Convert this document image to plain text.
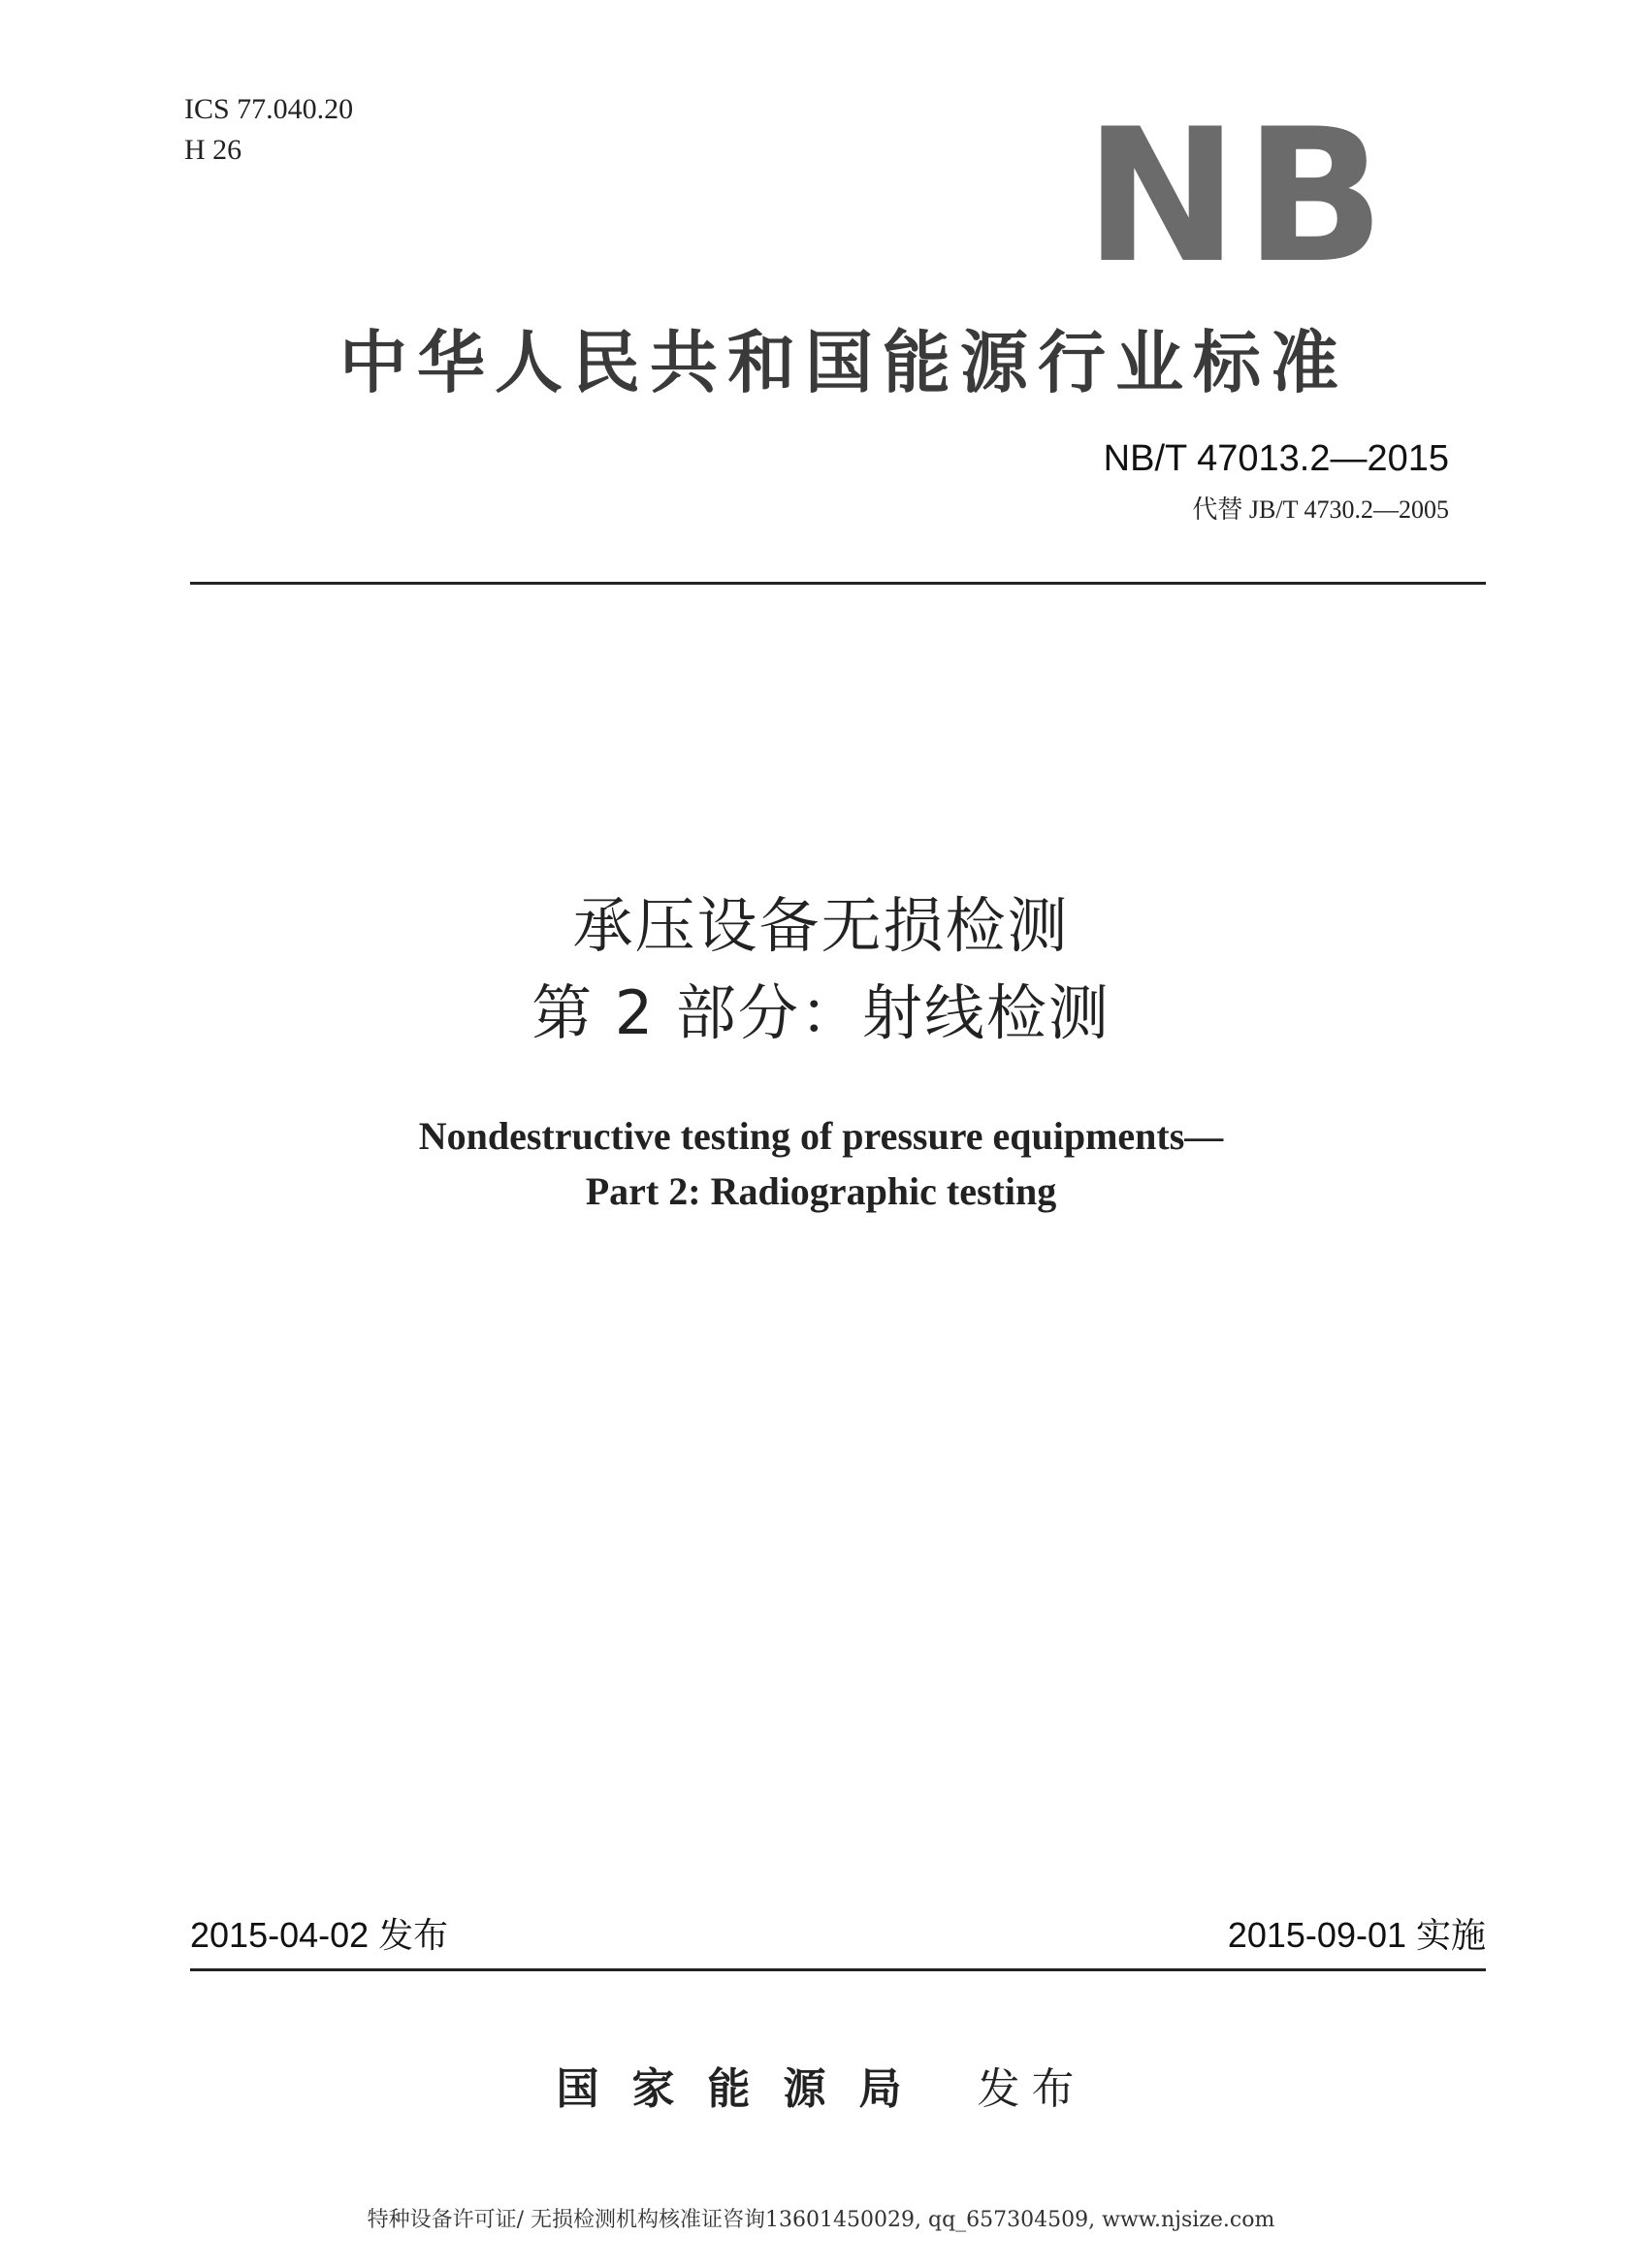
ICS 77.040.20
H 26	NB
中华人民共和国能源行业标准
NB/T 47013.2—2015
代替 JB/T 4730.2—2005
承压设备无损检测
第 2 部分：射线检测
Nondestructive testing of pressure equipments—
Part 2: Radiographic testing
2015-04-02 发布	2015-09-01 实施
国家能源局 发布
特种设备许可证/ 无损检测机构核准证咨询13601450029, qq_657304509, www.njsize.com
